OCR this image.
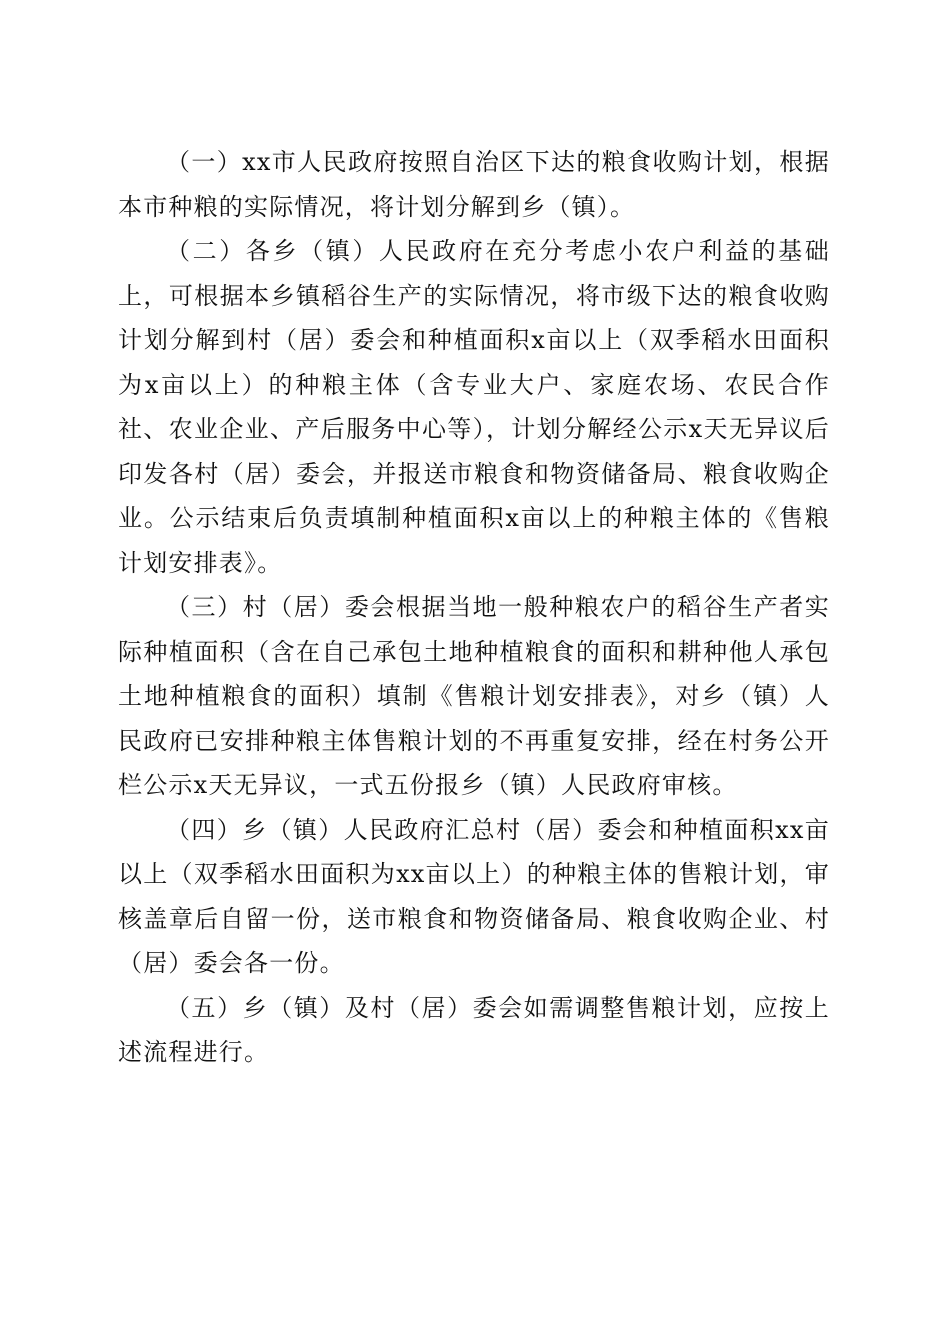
（一）xx市人民政府按照自治区下达的粮食收购计划，根据本市种粮的实际情况，将计划分解到乡（镇）。

（二）各乡（镇）人民政府在充分考虑小农户利益的基础上，可根据本乡镇稻谷生产的实际情况，将市级下达的粮食收购计划分解到村（居）委会和种植面积x亩以上（双季稻水田面积为x亩以上）的种粮主体（含专业大户、家庭农场、农民合作社、农业企业、产后服务中心等），计划分解经公示x天无异议后印发各村（居）委会，并报送市粮食和物资储备局、粮食收购企业。公示结束后负责填制种植面积x亩以上的种粮主体的《售粮计划安排表》。

（三）村（居）委会根据当地一般种粮农户的稻谷生产者实际种植面积（含在自己承包土地种植粮食的面积和耕种他人承包土地种植粮食的面积）填制《售粮计划安排表》，对乡（镇）人民政府已安排种粮主体售粮计划的不再重复安排，经在村务公开栏公示x天无异议，一式五份报乡（镇）人民政府审核。

（四）乡（镇）人民政府汇总村（居）委会和种植面积xx亩以上（双季稻水田面积为xx亩以上）的种粮主体的售粮计划，审核盖章后自留一份，送市粮食和物资储备局、粮食收购企业、村（居）委会各一份。

（五）乡（镇）及村（居）委会如需调整售粮计划，应按上述流程进行。
